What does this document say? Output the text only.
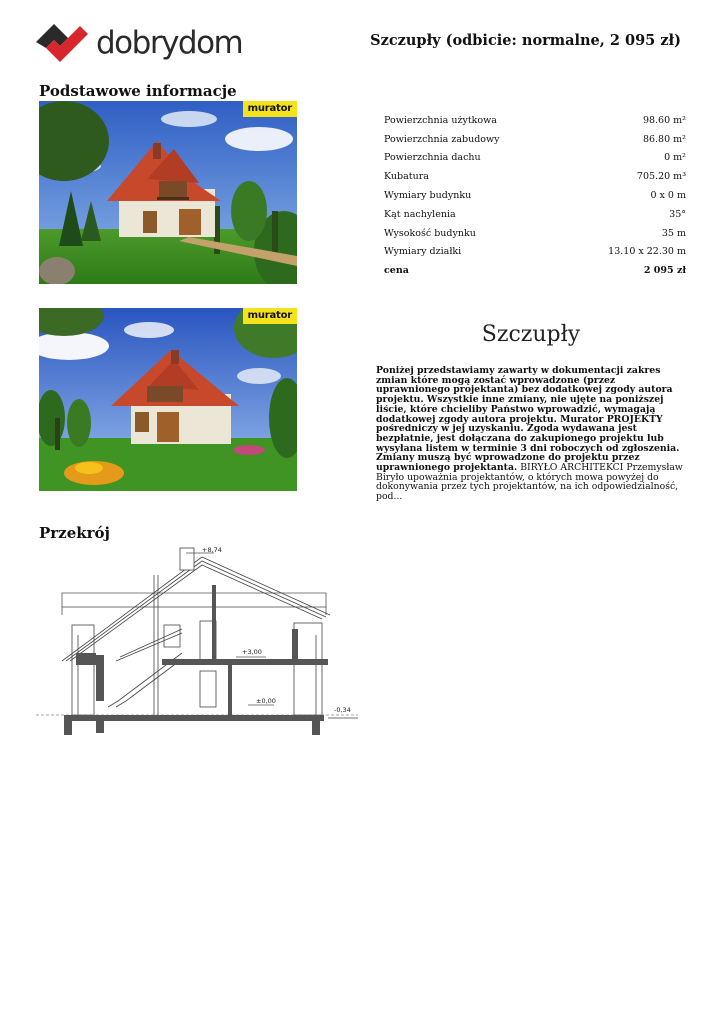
dobrydom	Szczupły (odbicie: normalne, 2 095 zł)
Podstawowe informacje
murator
murator
Powierzchnia użytkowa	98.60 m²
Powierzchnia zabudowy	86.80 m²
Powierzchnia dachu	0 m²
Kubatura	705.20 m³
Wymiary budynku	0 x 0 m
Kąt nachylenia	35°
Wysokość budynku	35 m
Wymiary działki	13.10 x 22.30 m
cena	2 095 zł
Szczupły
Poniżej przedstawiamy zawarty w dokumentacji zakres zmian które mogą zostać wprowadzone (przez uprawnionego projektanta) bez dodatkowej zgody autora projektu. Wszystkie inne zmiany, nie ujęte na poniższej liście, które chcieliby Państwo wprowadzić, wymagają dodatkowej zgody autora projektu. Murator PROJEKTY pośredniczy w jej uzyskaniu. Zgoda wydawana jest bezpłatnie, jest dołączana do zakupionego projektu lub wysyłana listem w terminie 3 dni roboczych od zgłoszenia. Zmiany muszą być wprowadzone do projektu przez uprawnionego projektanta. BIRYŁO ARCHITEKCI Przemysław Biryło upoważnia projektantów, o których mowa powyżej do dokonywania przez tych projektantów, na ich odpowiedzialność, pod...
Przekrój
+8,74
+3,00
±0,00
-0,34
